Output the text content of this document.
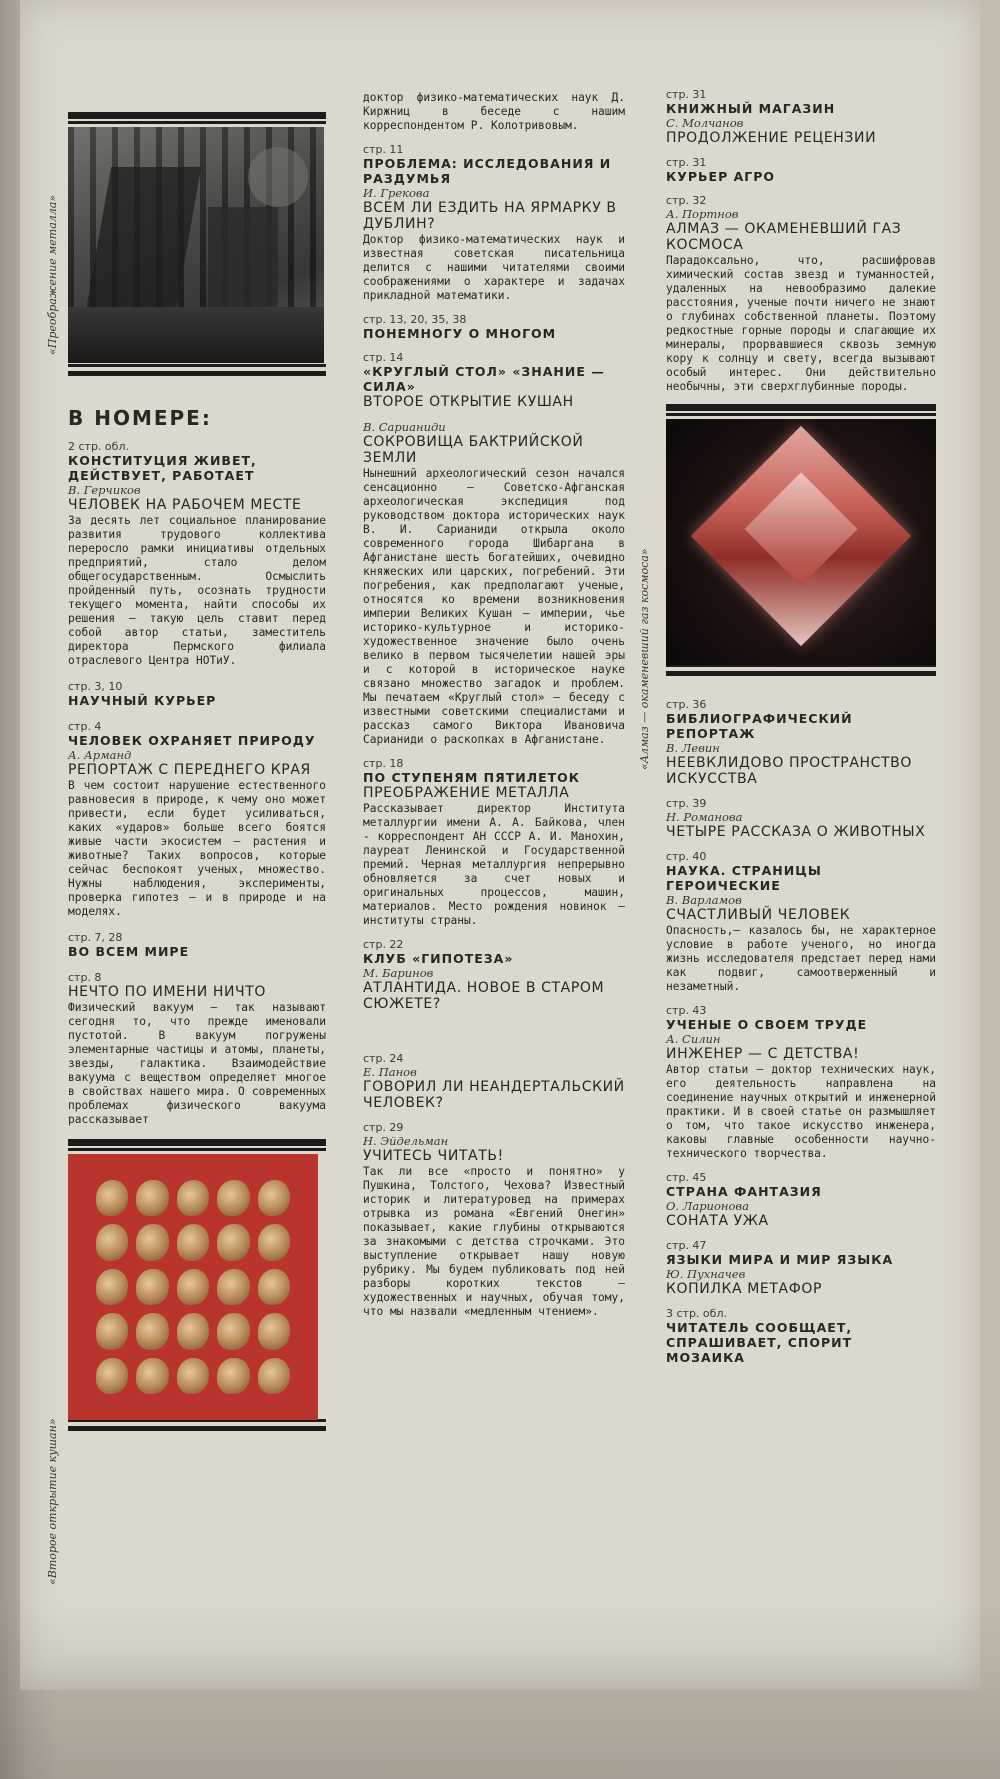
В НОМЕРЕ:
2 стр. обл.
КОНСТИТУЦИЯ ЖИВЕТ, ДЕЙСТВУЕТ, РАБОТАЕТ
В. Герчиков
ЧЕЛОВЕК НА РАБОЧЕМ МЕСТЕ
За десять лет социальное планирование развития трудового коллектива переросло рамки инициативы отдельных предприятий, стало делом общегосударственным. Осмыслить пройденный путь, осознать трудности текущего момента, найти способы их решения — такую цель ставит перед собой автор статьи, заместитель директора Пермского филиала отраслевого Центра НОТиУ.
стр. 3, 10
НАУЧНЫЙ КУРЬЕР
стр. 4
ЧЕЛОВЕК ОХРАНЯЕТ ПРИРОДУ
А. Арманд
РЕПОРТАЖ С ПЕРЕДНЕГО КРАЯ
В чем состоит нарушение естественного равновесия в природе, к чему оно может привести, если будет усиливаться, каких «ударов» больше всего боятся живые части экосистем — растения и животные? Таких вопросов, которые сейчас беспокоят ученых, множество. Нужны наблюдения, эксперименты, проверка гипотез — и в природе и на моделях.
стр. 7, 28
ВО ВСЕМ МИРЕ
стр. 8
НЕЧТО ПО ИМЕНИ НИЧТО
Физический вакуум — так называют сегодня то, что прежде именовали пустотой. В вакуум погружены элементарные частицы и атомы, планеты, звезды, галактика. Взаимодействие вакуума с веществом определяет многое в свойствах нашего мира. О современных проблемах физического вакуума рассказывает
«Преображение металла»
«Второе открытие кушан»
доктор физико-математических наук Д. Киржниц в беседе с нашим корреспондентом Р. Колотривовым.
стр. 11
ПРОБЛЕМА: ИССЛЕДОВАНИЯ И РАЗДУМЬЯ
И. Грекова
ВСЕМ ЛИ ЕЗДИТЬ НА ЯРМАРКУ В ДУБЛИН?
Доктор физико-математических наук и известная советская писательница делится с нашими читателями своими соображениями о характере и задачах прикладной математики.
стр. 13, 20, 35, 38
ПОНЕМНОГУ О МНОГОМ
стр. 14
«КРУГЛЫЙ СТОЛ» «ЗНАНИЕ — СИЛА»
ВТОРОЕ ОТКРЫТИЕ КУШАН
В. Сарианиди
СОКРОВИЩА БАКТРИЙСКОЙ ЗЕМЛИ
Нынешний археологический сезон начался сенсационно — Советско-Афганская археологическая экспедиция под руководством доктора исторических наук В. И. Сарианиди открыла около современного города Шибаргана в Афганистане шесть богатейших, очевидно княжеских или царских, погребений. Эти погребения, как предполагают ученые, относятся ко времени возникновения империи Великих Кушан — империи, чье историко-культурное и историко-художественное значение было очень велико в первом тысячелетии нашей эры и с которой в историческое науке связано множество загадок и проблем. Мы печатаем «Круглый стол» — беседу с известными советскими специалистами и рассказ самого Виктора Ивановича Сарианиди о раскопках в Афганистане.
стр. 18
ПО СТУПЕНЯМ ПЯТИЛЕТОК
ПРЕОБРАЖЕНИЕ МЕТАЛЛА
Рассказывает директор Института металлургии имени А. А. Байкова, член - корреспондент АН СССР А. И. Манохин, лауреат Ленинской и Государственной премий. Черная металлургия непрерывно обновляется за счет новых и оригинальных процессов, машин, материалов. Место рождения новинок — институты страны.
стр. 22
КЛУБ «ГИПОТЕЗА»
М. Баринов
АТЛАНТИДА. НОВОЕ В СТАРОМ СЮЖЕТЕ?
стр. 24
Е. Панов
ГОВОРИЛ ЛИ НЕАНДЕРТАЛЬСКИЙ ЧЕЛОВЕК?
стр. 29
Н. Эйдельман
УЧИТЕСЬ ЧИТАТЬ!
Так ли все «просто и понятно» у Пушкина, Толстого, Чехова? Известный историк и литературовед на примерах отрывка из романа «Евгений Онегин» показывает, какие глубины открываются за знакомыми с детства строчками. Это выступление открывает нашу новую рубрику. Мы будем публиковать под ней разборы коротких текстов — художественных и научных, обучая тому, что мы назвали «медленным чтением».
стр. 31
КНИЖНЫЙ МАГАЗИН
С. Молчанов
ПРОДОЛЖЕНИЕ РЕЦЕНЗИИ
стр. 31
КУРЬЕР АГРО
стр. 32
А. Портнов
АЛМАЗ — ОКАМЕНЕВШИЙ ГАЗ КОСМОСА
Парадоксально, что, расшифровав химический состав звезд и туманностей, удаленных на невообразимо далекие расстояния, ученые почти ничего не знают о глубинах собственной планеты. Поэтому редкостные горные породы и слагающие их минералы, прорвавшиеся сквозь земную кору к солнцу и свету, всегда вызывают особый интерес. Они действительно необычны, эти сверхглубинные породы.
стр. 36
БИБЛИОГРАФИЧЕСКИЙ РЕПОРТАЖ
В. Левин
НЕЕВКЛИДОВО ПРОСТРАНСТВО ИСКУССТВА
стр. 39
Н. Романова
ЧЕТЫРЕ РАССКАЗА О ЖИВОТНЫХ
стр. 40
НАУКА. СТРАНИЦЫ ГЕРОИЧЕСКИЕ
В. Варламов
СЧАСТЛИВЫЙ ЧЕЛОВЕК
Опасность,— казалось бы, не характерное условие в работе ученого, но иногда жизнь исследователя предстает перед нами как подвиг, самоотверженный и незаметный.
стр. 43
УЧЕНЫЕ О СВОЕМ ТРУДЕ
А. Силин
ИНЖЕНЕР — С ДЕТСТВА!
Автор статьи — доктор технических наук, его деятельность направлена на соединение научных открытий и инженерной практики. И в своей статье он размышляет о том, что такое искусство инженера, каковы главные особенности научно-технического творчества.
стр. 45
СТРАНА ФАНТАЗИЯ
О. Ларионова
СОНАТА УЖА
стр. 47
ЯЗЫКИ МИРА И МИР ЯЗЫКА
Ю. Пухначев
КОПИЛКА МЕТАФОР
3 стр. обл.
ЧИТАТЕЛЬ СООБЩАЕТ, СПРАШИВАЕТ, СПОРИТ МОЗАИКА
«Алмаз — окаменевший газ космоса»
